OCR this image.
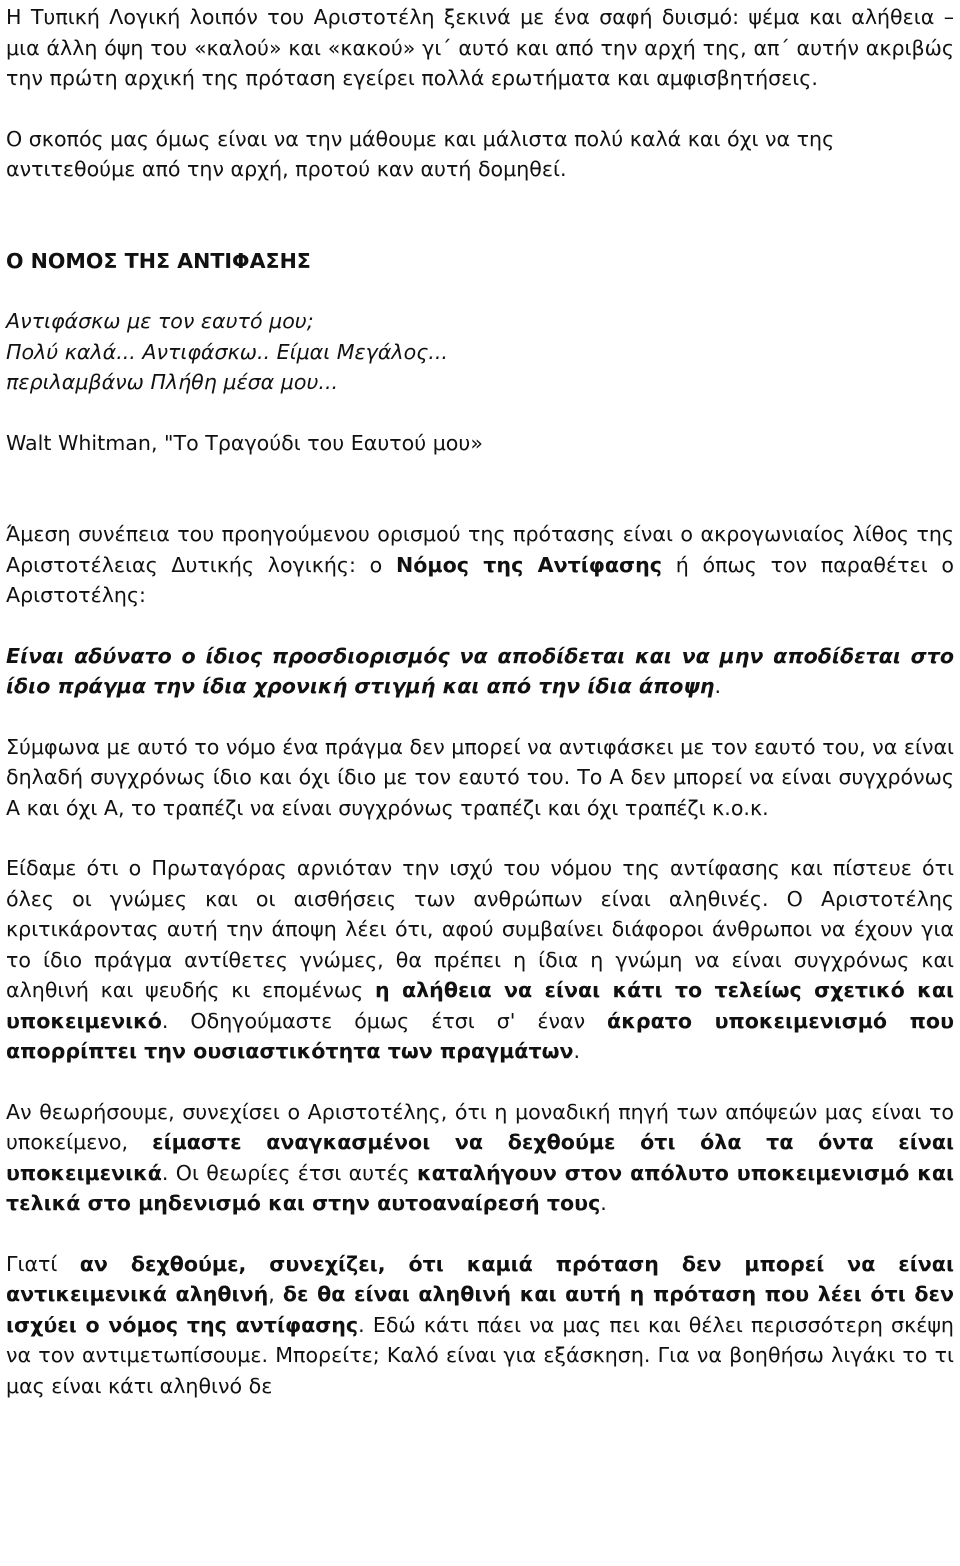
Η Τυπική Λογική λοιπόν του Αριστοτέλη ξεκινά με ένα σαφή δυισμό: ψέμα και αλήθεια – μια άλλη όψη του «καλού» και «κακού» γι΄ αυτό και από την αρχή της, απ΄ αυτήν ακριβώς την πρώτη αρχική της πρόταση εγείρει πολλά ερωτήματα και αμφισβητήσεις.

Ο σκοπός μας όμως είναι να την μάθουμε και μάλιστα πολύ καλά και όχι να της αντιτεθούμε από την αρχή, προτού καν αυτή δομηθεί.

Ο ΝΟΜΟΣ ΤΗΣ ΑΝΤΙΦΑΣΗΣ

Αντιφάσκω με τον εαυτό μου;

Πολύ καλά... Αντιφάσκω.. Είμαι Μεγάλος...

περιλαμβάνω Πλήθη μέσα μου...

Walt Whitman, "Το Τραγούδι του Εαυτού μου»

Άμεση συνέπεια του προηγούμενου ορισμού της πρότασης είναι ο ακρογωνιαίος λίθος της Αριστοτέλειας Δυτικής λογικής: ο Νόμος της Αντίφασης ή όπως τον παραθέτει ο Αριστοτέλης:

Είναι αδύνατο ο ίδιος προσδιορισμός να αποδίδεται και να μην αποδίδεται στο ίδιο πράγμα την ίδια χρονική στιγμή και από την ίδια άποψη.

Σύμφωνα με αυτό το νόμο ένα πράγμα δεν μπορεί να αντιφάσκει με τον εαυτό του, να είναι δηλαδή συγχρόνως ίδιο και όχι ίδιο με τον εαυτό του. Το Α δεν μπορεί να είναι συγχρόνως Α και όχι Α, το τραπέζι να είναι συγχρόνως τραπέζι και όχι τραπέζι κ.ο.κ.

Είδαμε ότι ο Πρωταγόρας αρνιόταν την ισχύ του νόμου της αντίφασης και πίστευε ότι όλες οι γνώμες και οι αισθήσεις των ανθρώπων είναι αληθινές. Ο Αριστοτέλης κριτικάροντας αυτή την άποψη λέει ότι, αφού συμβαίνει διάφοροι άνθρωποι να έχουν για το ίδιο πράγμα αντίθετες γνώμες, θα πρέπει η ίδια η γνώμη να είναι συγχρόνως και αληθινή και ψευδής κι επομένως η αλήθεια να είναι κάτι το τελείως σχετικό και υποκειμενικό. Οδηγούμαστε όμως έτσι σ' έναν άκρατο υποκειμενισμό που απορρίπτει την ουσιαστικότητα των πραγμάτων.

Αν θεωρήσουμε, συνεχίσει ο Αριστοτέλης, ότι η μοναδική πηγή των απόψεών μας είναι το υποκείμενο, είμαστε αναγκασμένοι να δεχθούμε ότι όλα τα όντα είναι υποκειμενικά. Οι θεωρίες έτσι αυτές καταλήγουν στον απόλυτο υποκειμενισμό και τελικά στο μηδενισμό και στην αυτοαναίρεσή τους.

Γιατί αν δεχθούμε, συνεχίζει, ότι καμιά πρόταση δεν μπορεί να είναι αντικειμενικά αληθινή, δε θα είναι αληθινή και αυτή η πρόταση που λέει ότι δεν ισχύει ο νόμος της αντίφασης. Εδώ κάτι πάει να μας πει και θέλει περισσότερη σκέψη να τον αντιμετωπίσουμε. Μπορείτε; Καλό είναι για εξάσκηση. Για να βοηθήσω λιγάκι το τι μας είναι κάτι αληθινό δε
